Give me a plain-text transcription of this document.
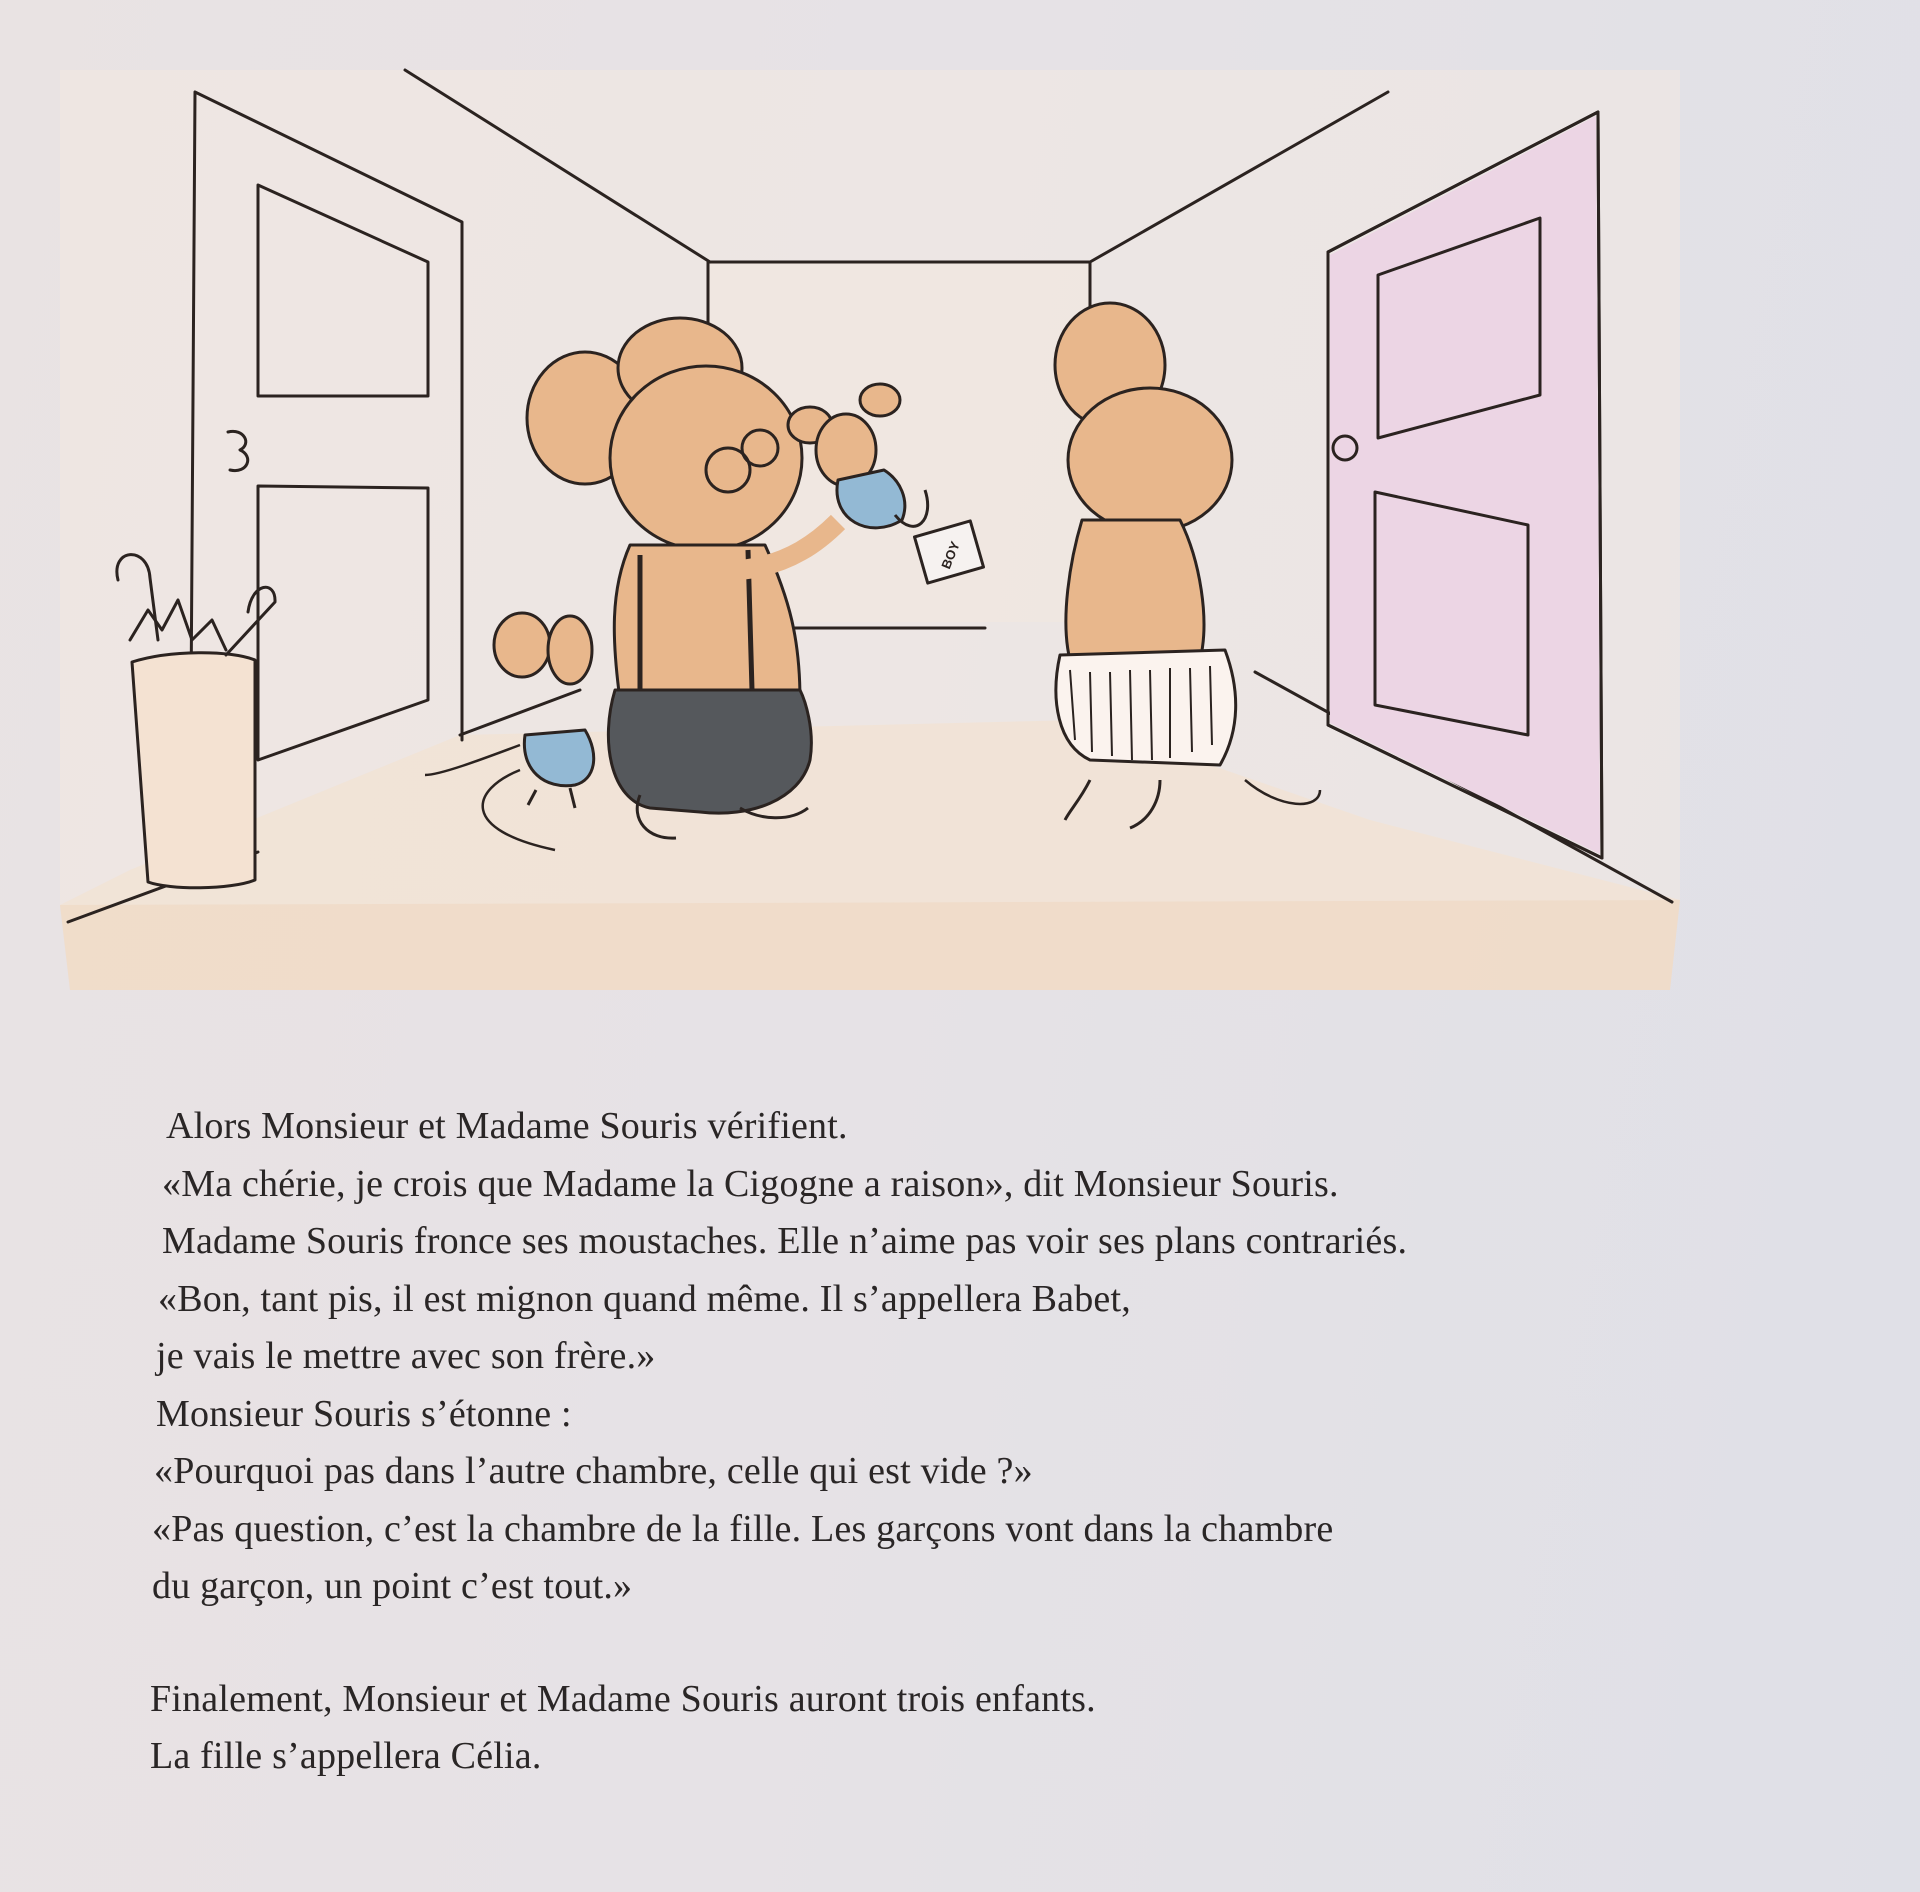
BOY
Alors Monsieur et Madame Souris vérifient.
«Ma chérie, je crois que Madame la Cigogne a raison», dit Monsieur Souris.
Madame Souris fronce ses moustaches. Elle n’aime pas voir ses plans contrariés.
«Bon, tant pis, il est mignon quand même. Il s’appellera Babet,
je vais le mettre avec son frère.»
Monsieur Souris s’étonne :
«Pourquoi pas dans l’autre chambre, celle qui est vide ?»
«Pas question, c’est la chambre de la fille. Les garçons vont dans la chambre
du garçon, un point c’est tout.»
Finalement, Monsieur et Madame Souris auront trois enfants.
La fille s’appellera Célia.
